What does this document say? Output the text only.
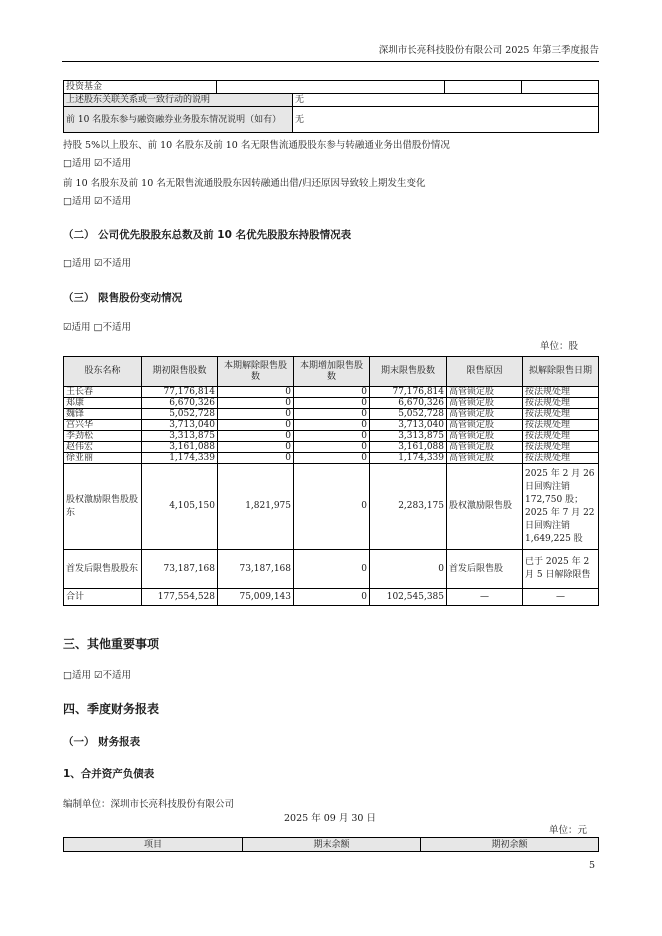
深圳市长亮科技股份有限公司 2025 年第三季度报告
投资基金				
上述股东关联关系或一致行动的说明		无		
前 10 名股东参与融资融券业务股东情况说明（如有）		无		
持股 5%以上股东、前 10 名股东及前 10 名无限售流通股股东参与转融通业务出借股份情况
□适用 ☑不适用
前 10 名股东及前 10 名无限售流通股股东因转融通出借/归还原因导致较上期发生变化
□适用 ☑不适用
（二） 公司优先股股东总数及前 10 名优先股股东持股情况表
□适用 ☑不适用
（三） 限售股份变动情况
☑适用 □不适用
单位：股
股东名称	期初限售股数	本期解除限售股数	本期增加限售股数	期末限售股数	限售原因	拟解除限售日期
王长春	77,176,814	0	0	77,176,814	高管锁定股	按法规处理
郑康	6,670,326	0	0	6,670,326	高管锁定股	按法规处理
魏锋	5,052,728	0	0	5,052,728	高管锁定股	按法规处理
宫兴华	3,713,040	0	0	3,713,040	高管锁定股	按法规处理
李劲松	3,313,875	0	0	3,313,875	高管锁定股	按法规处理
赵伟宏	3,161,088	0	0	3,161,088	高管锁定股	按法规处理
徐亚丽	1,174,339	0	0	1,174,339	高管锁定股	按法规处理
股权激励限售股股东	4,105,150	1,821,975	0	2,283,175	股权激励限售股	2025 年 2 月 26 日回购注销 172,750 股；2025 年 7 月 22 日回购注销 1,649,225 股
首发后限售股股东	73,187,168	73,187,168	0	0	首发后限售股	已于 2025 年 2 月 5 日解除限售
合计	177,554,528	75,009,143	0	102,545,385	—	—
三、其他重要事项
□适用 ☑不适用
四、季度财务报表
（一） 财务报表
1、合并资产负债表
编制单位：深圳市长亮科技股份有限公司
2025 年 09 月 30 日
单位：元
项目	期末余额	期初余额
5
